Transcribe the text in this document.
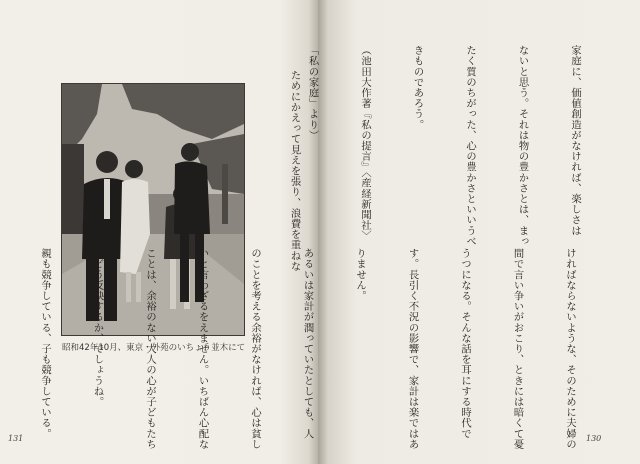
昭和42年10月、東京・外苑のいちょう並木にて

ためにかえって見えを張り、浪費を重ねな

131

家庭に、価値創造がなければ、楽しさは

ないと思う。それは物の豊かさとは、まっ

たく質のちがった、心の豊かさといいうべ

きものであろう。

（池田大作著『私の提言』〈産経新聞社〉

「私の家庭」より）

ければならないような、そのために夫婦の

間で言い争いがおこり、ときには暗くて憂

うつになる。そんな話を耳にする時代で

す。長引く不況の影響で、家計は楽ではあ

りません。

あるいは家計が潤っていたとしても、人

のことを考える余裕がなければ、心は貧し

いと言わざるをえません。いちばん心配な

ことは、余裕のない大人の心が子どもたち

にどう反映するか、でしょうね。

親も競争している、子も競争している。

	130
